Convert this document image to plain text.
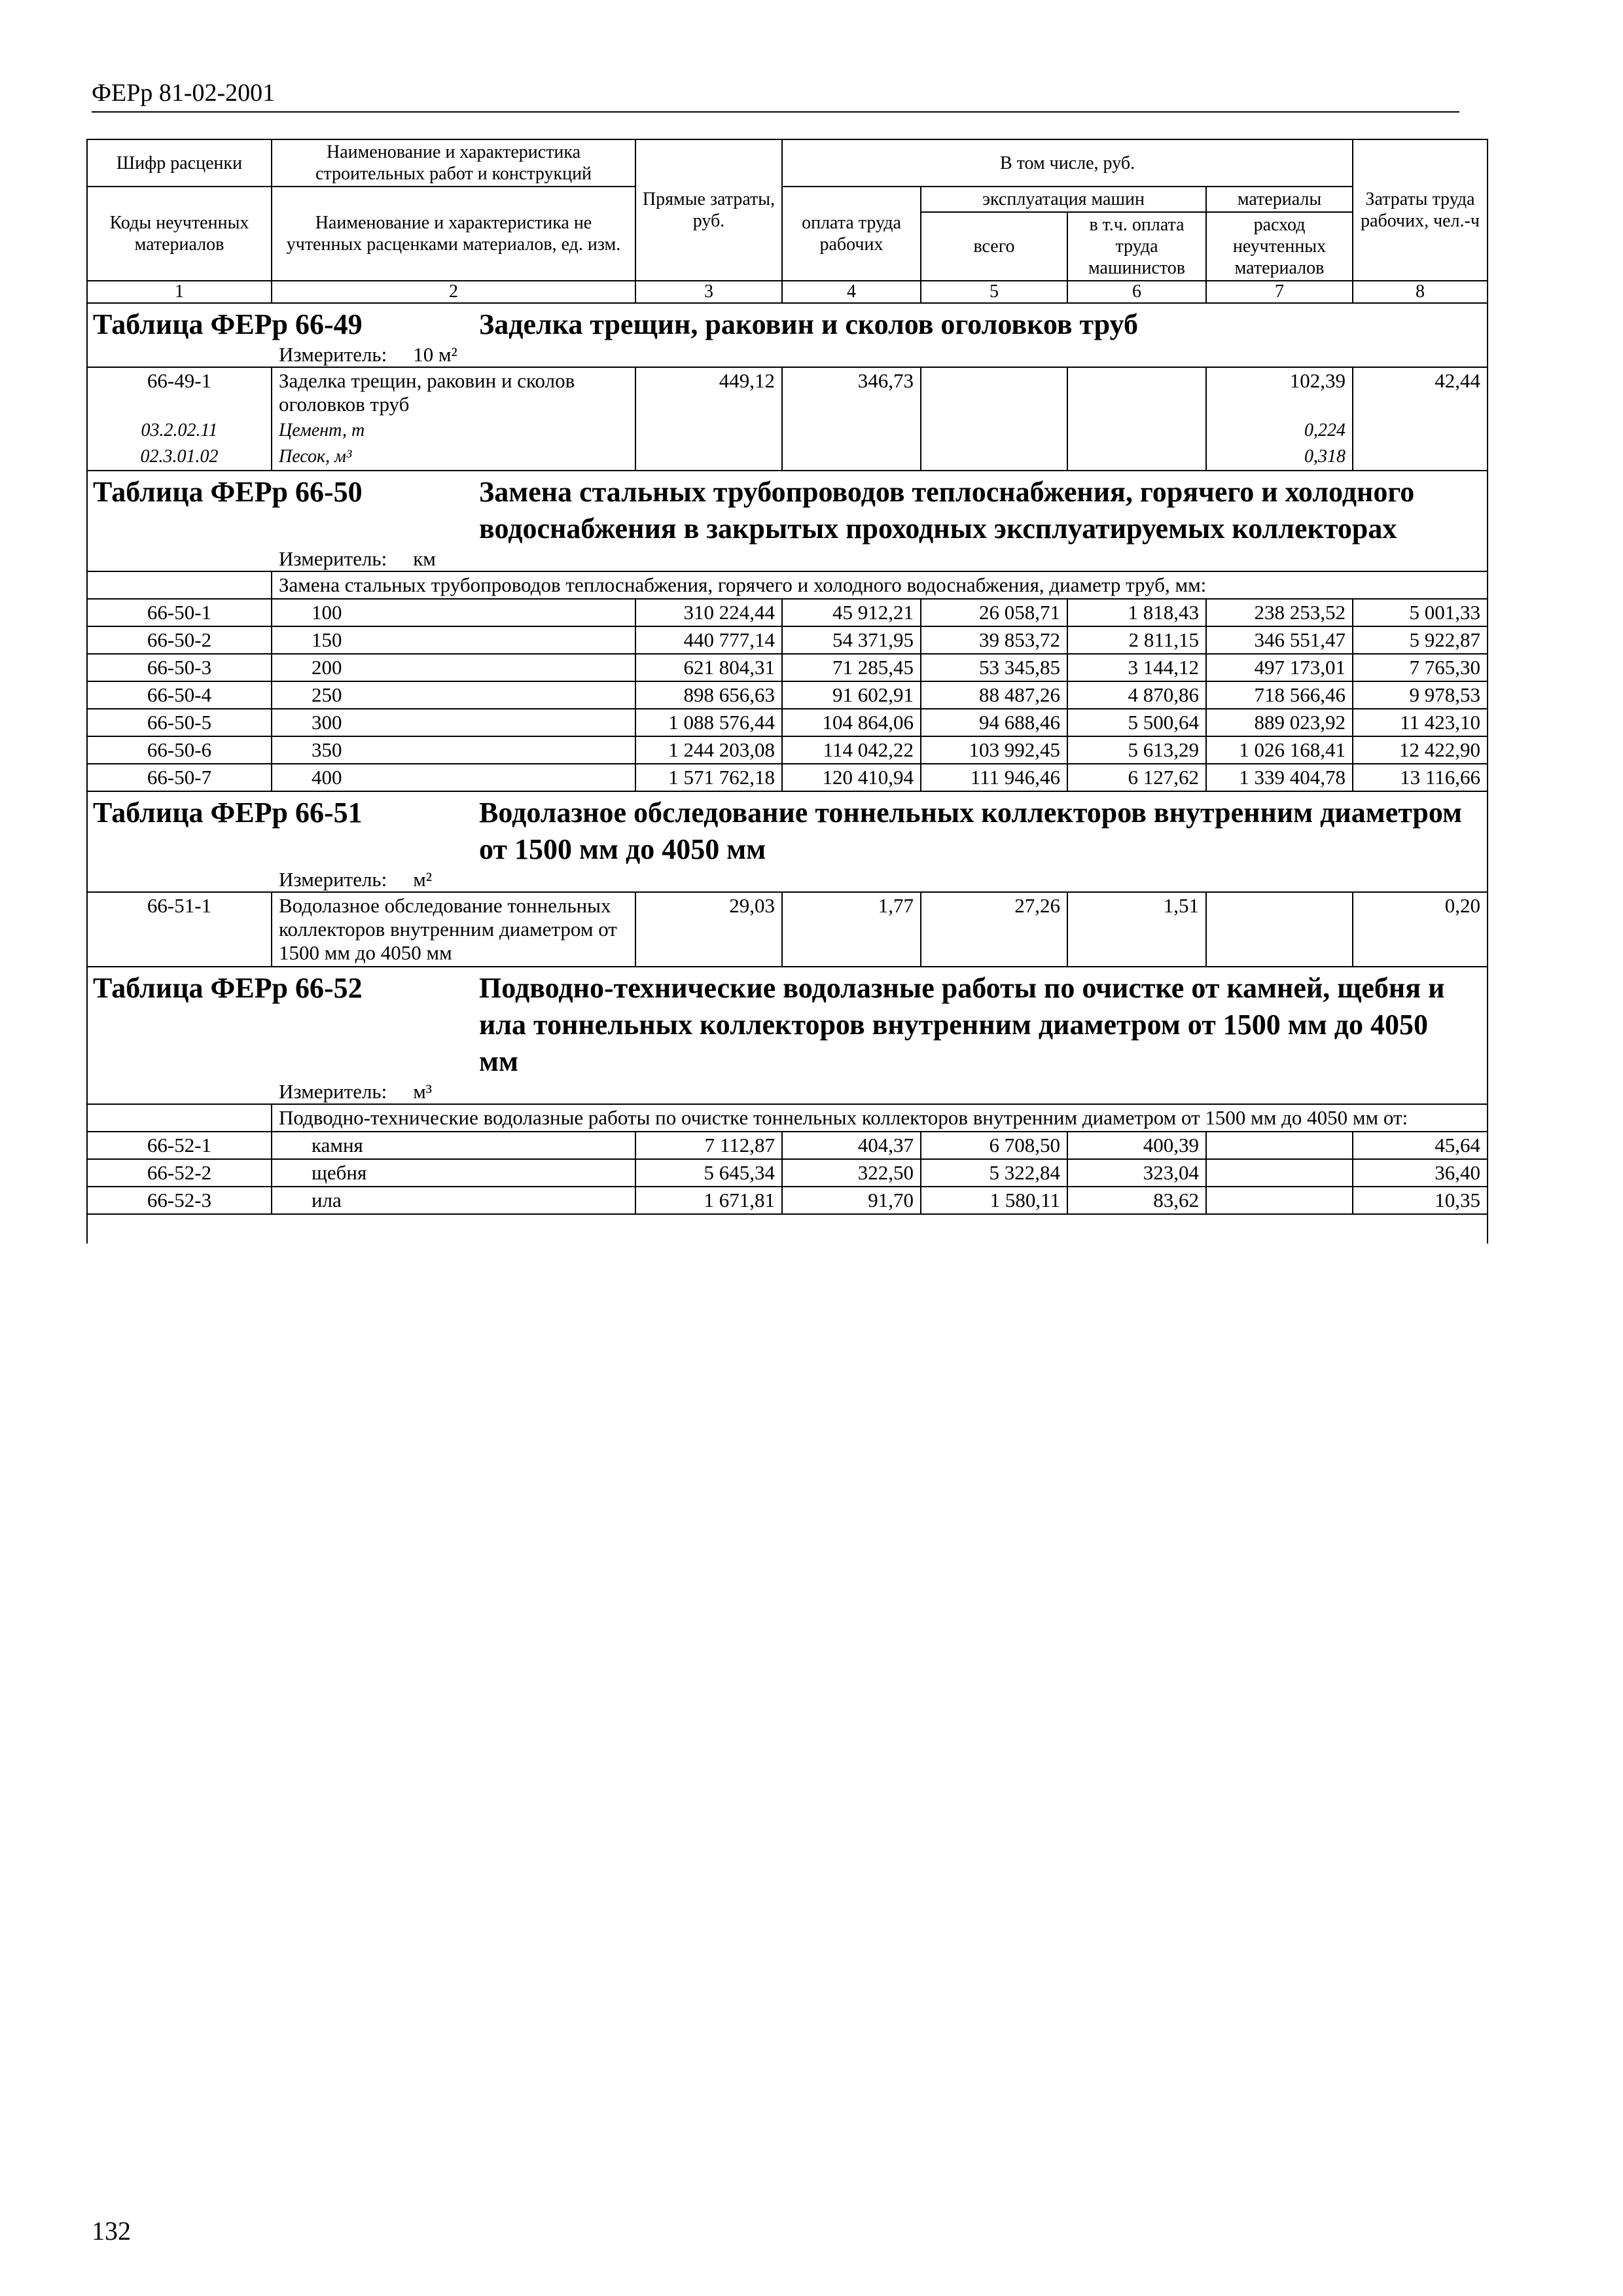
ФЕРр 81-02-2001
Шифр расценки	Наименование и характеристика строительных работ и конструкций	Прямые затраты, руб.	В том числе, руб.				Затраты труда рабочих, чел.-ч
Коды неучтенных материалов	Наименование и характеристика не учтенных расценками материалов, ед. изм.		оплата труда рабочих	эксплуатация машин		материалы	
				всего	в т.ч. оплата труда машинистов	расход неучтенных материалов	
1	2	3	4	5	6	7	8

Таблица ФЕРр 66-49 Заделка трещин, раковин и сколов оголовков труб							

Измеритель: 10 м²							
66-49-1	Заделка трещин, раковин и сколов оголовков труб	449,12	346,73			102,39	42,44
03.2.02.11	Цемент, т					0,224	
02.3.01.02	Песок, м³					0,318	

Таблица ФЕРр 66-50 Замена стальных трубопроводов теплоснабжения, горячего и холодного водоснабжения в закрытых проходных эксплуатируемых коллекторах							

Измеритель: км							
	Замена стальных трубопроводов теплоснабжения, горячего и холодного водоснабжения, диаметр труб, мм:						
66-50-1	100	310 224,44	45 912,21	26 058,71	1 818,43	238 253,52	5 001,33
66-50-2	150	440 777,14	54 371,95	39 853,72	2 811,15	346 551,47	5 922,87
66-50-3	200	621 804,31	71 285,45	53 345,85	3 144,12	497 173,01	7 765,30
66-50-4	250	898 656,63	91 602,91	88 487,26	4 870,86	718 566,46	9 978,53
66-50-5	300	1 088 576,44	104 864,06	94 688,46	5 500,64	889 023,92	11 423,10
66-50-6	350	1 244 203,08	114 042,22	103 992,45	5 613,29	1 026 168,41	12 422,90
66-50-7	400	1 571 762,18	120 410,94	111 946,46	6 127,62	1 339 404,78	13 116,66

Таблица ФЕРр 66-51 Водолазное обследование тоннельных коллекторов внутренним диаметром от 1500 мм до 4050 мм							

Измеритель: м²							
66-51-1	Водолазное обследование тоннельных коллекторов внутренним диаметром от 1500 мм до 4050 мм	29,03	1,77	27,26	1,51		0,20

Таблица ФЕРр 66-52 Подводно-технические водолазные работы по очистке от камней, щебня и ила тоннельных коллекторов внутренним диаметром от 1500 мм до 4050 мм							

Измеритель: м³							
	Подводно-технические водолазные работы по очистке тоннельных коллекторов внутренним диаметром от 1500 мм до 4050 мм от:						
66-52-1	камня	7 112,87	404,37	6 708,50	400,39		45,64
66-52-2	щебня	5 645,34	322,50	5 322,84	323,04		36,40
66-52-3	ила	1 671,81	91,70	1 580,11	83,62		10,35

132
